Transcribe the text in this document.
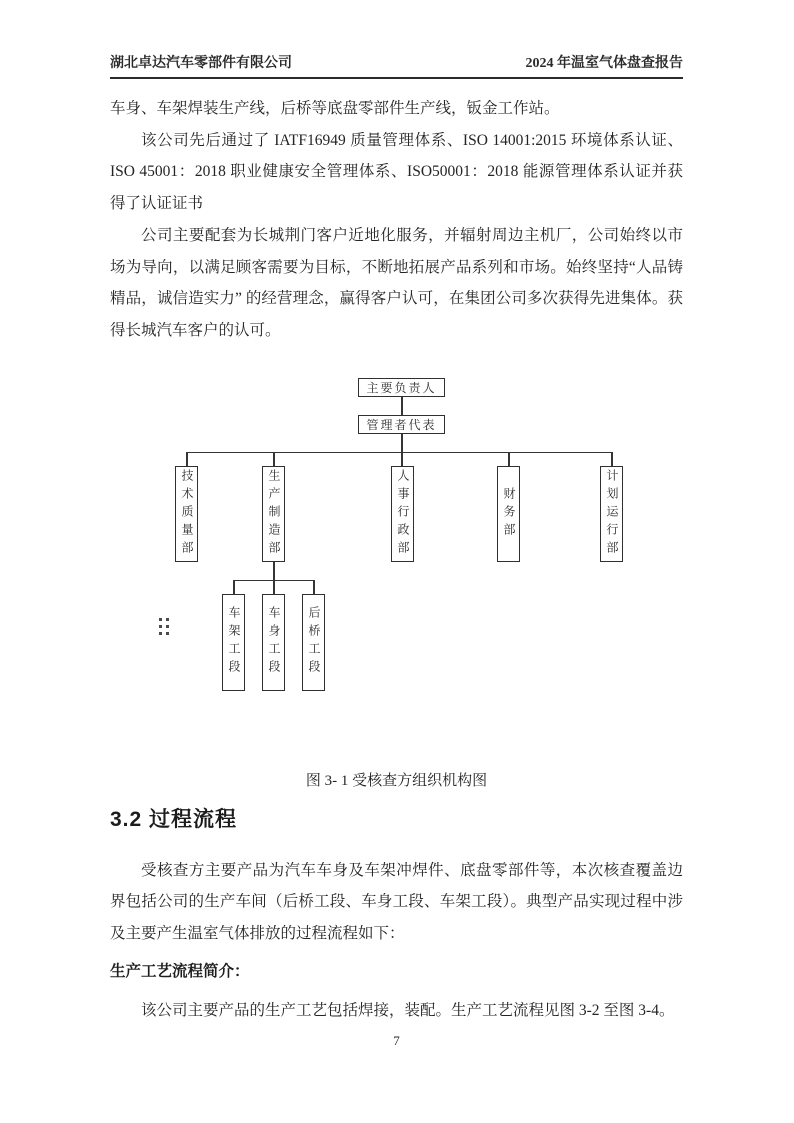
湖北卓达汽车零部件有限公司	2024 年温室气体盘查报告

车身、车架焊装生产线，后桥等底盘零部件生产线，钣金工作站。

该公司先后通过了 IATF16949 质量管理体系、ISO 14001:2015 环境体系认证、ISO 45001：2018 职业健康安全管理体系、ISO50001：2018 能源管理体系认证并获得了认证证书

公司主要配套为长城荆门客户近地化服务，并辐射周边主机厂，公司始终以市场为导向，以满足顾客需要为目标，不断地拓展产品系列和市场。始终坚持“人品铸精品，诚信造实力” 的经营理念，赢得客户认可，在集团公司多次获得先进集体。获得长城汽车客户的认可。

主要负责人
管理者代表
技术质量部	生产制造部	人事行政部	财务部	计划运行部
车架工段	车身工段	后桥工段
图 3- 1 受核查方组织机构图
3.2 过程流程

受核查方主要产品为汽车车身及车架冲焊件、底盘零部件等，本次核查覆盖边界包括公司的生产车间（后桥工段、车身工段、车架工段）。典型产品实现过程中涉及主要产生温室气体排放的过程流程如下：

生产工艺流程简介：

该公司主要产品的生产工艺包括焊接，装配。生产工艺流程见图 3-2 至图 3-4。

7
